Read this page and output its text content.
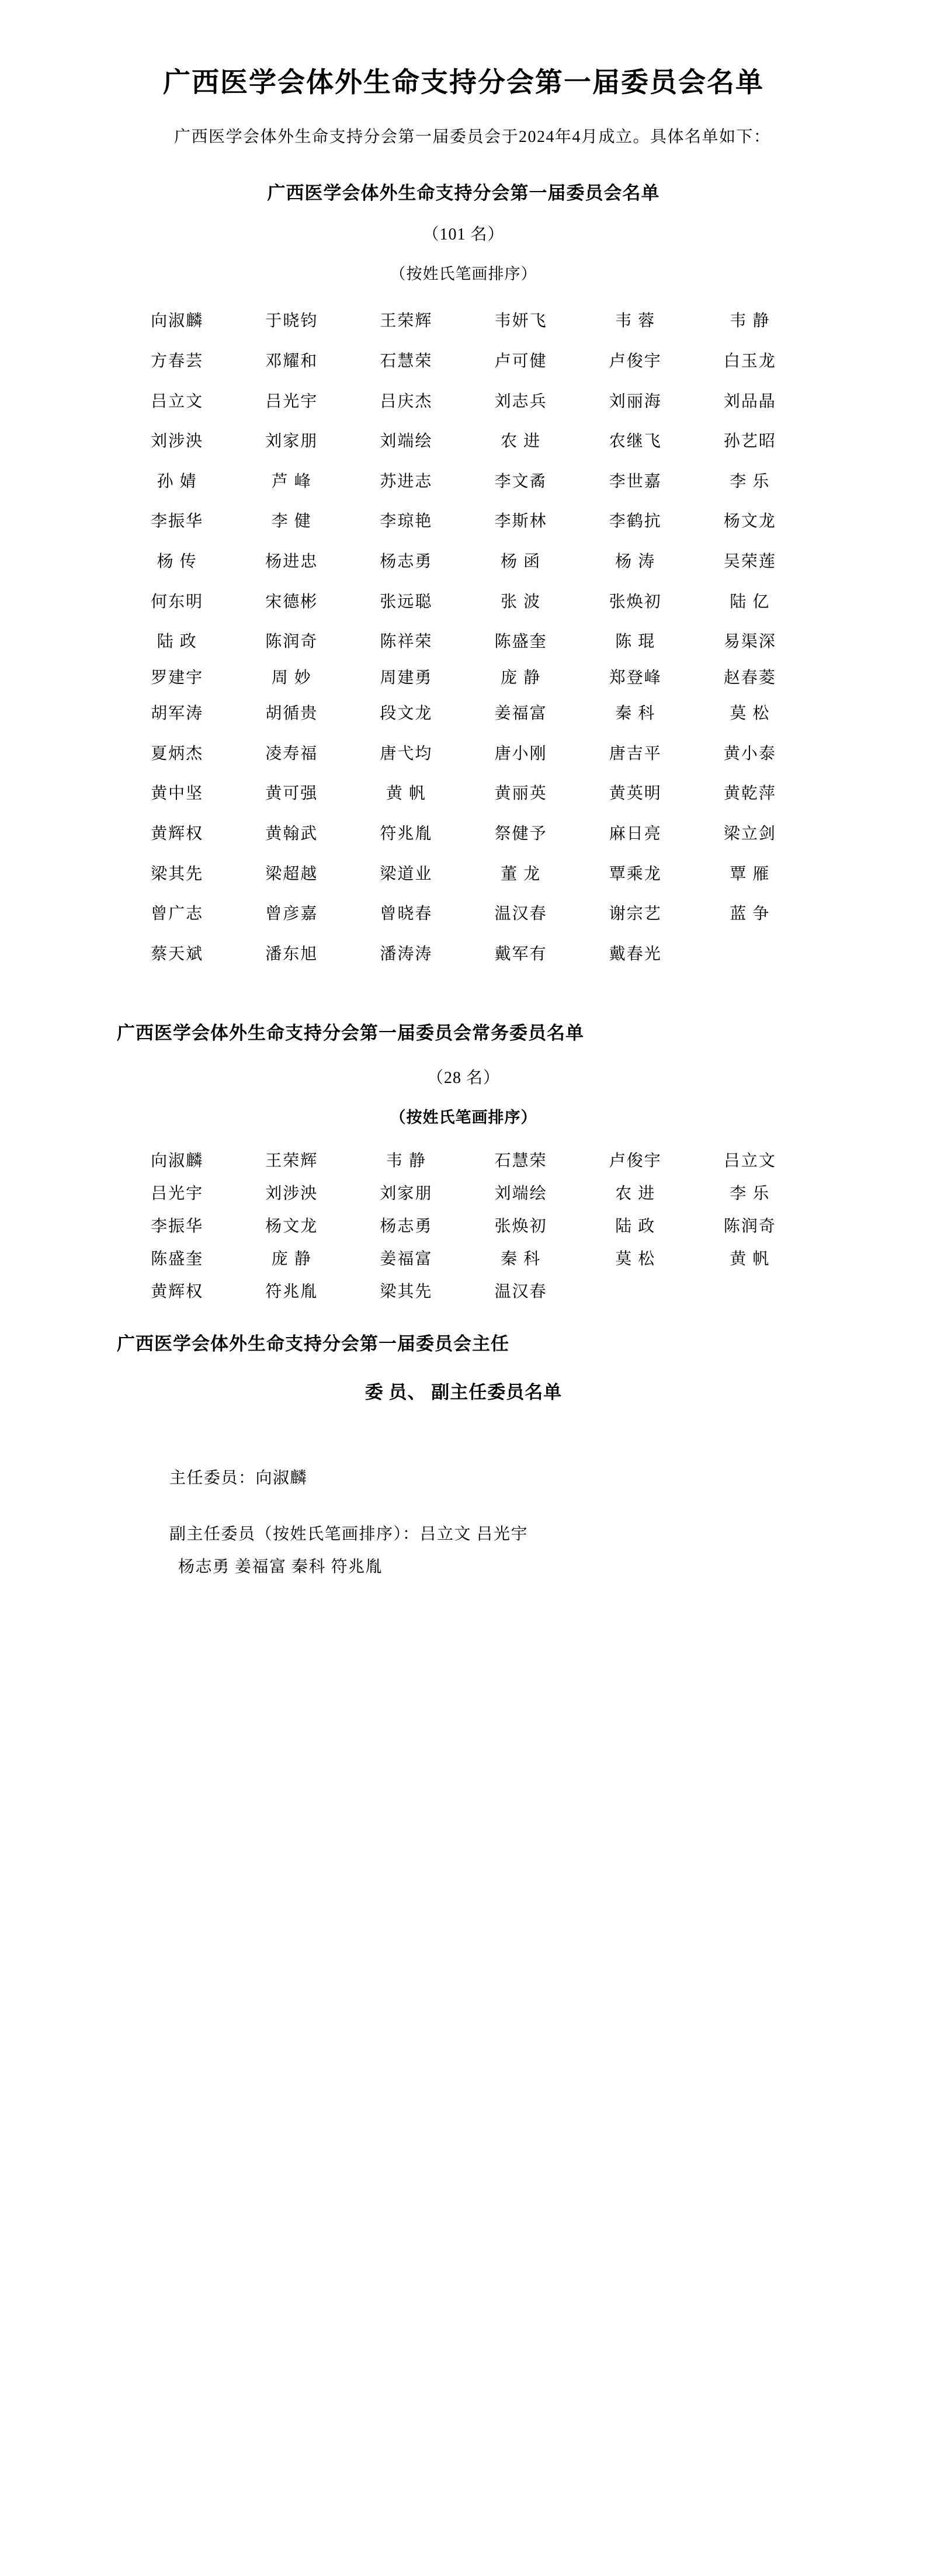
广西医学会体外生命支持分会第一届委员会名单

广西医学会体外生命支持分会第一届委员会于2024年4月成立。具体名单如下：

广西医学会体外生命支持分会第一届委员会名单
（101 名）
（按姓氏笔画排序）
向淑麟	于晓钧	王荣辉	韦妍飞	韦 蓉	韦 静
方春芸	邓耀和	石慧荣	卢可健	卢俊宇	白玉龙
吕立文	吕光宇	吕庆杰	刘志兵	刘丽海	刘品晶
刘涉泱	刘家朋	刘端绘	农 进	农继飞	孙艺昭
孙 婧	芦 峰	苏进志	李文矞	李世嘉	李 乐
李振华	李 健	李琼艳	李斯林	李鹤抗	杨文龙
杨 传	杨进忠	杨志勇	杨 函	杨 涛	吴荣莲
何东明	宋德彬	张远聪	张 波	张焕初	陆 亿
陆 政	陈润奇	陈祥荣	陈盛奎	陈 琨	易渠深
罗建宇	周 妙	周建勇	庞 静	郑登峰	赵春菱
胡军涛	胡循贵	段文龙	姜福富	秦 科	莫 松
夏炳杰	凌寿福	唐弋均	唐小刚	唐吉平	黄小泰
黄中坚	黄可强	黄 帆	黄丽英	黄英明	黄乾萍
黄辉权	黄翰武	符兆胤	祭健予	麻日亮	梁立剑
梁其先	梁超越	梁道业	董 龙	覃乘龙	覃 雁
曾广志	曾彦嘉	曾晓春	温汉春	谢宗艺	蓝 争
蔡天斌	潘东旭	潘涛涛	戴军有	戴春光
广西医学会体外生命支持分会第一届委员会常务委员名单
（28 名）
（按姓氏笔画排序）
向淑麟	王荣辉	韦 静	石慧荣	卢俊宇	吕立文
吕光宇	刘涉泱	刘家朋	刘端绘	农 进	李 乐
李振华	杨文龙	杨志勇	张焕初	陆 政	陈润奇
陈盛奎	庞 静	姜福富	秦 科	莫 松	黄 帆
黄辉权	符兆胤	梁其先	温汉春
广西医学会体外生命支持分会第一届委员会主任
委 员、 副主任委员名单
主任委员：向淑麟
副主任委员（按姓氏笔画排序）：吕立文 吕光宇
杨志勇 姜福富 秦科 符兆胤
